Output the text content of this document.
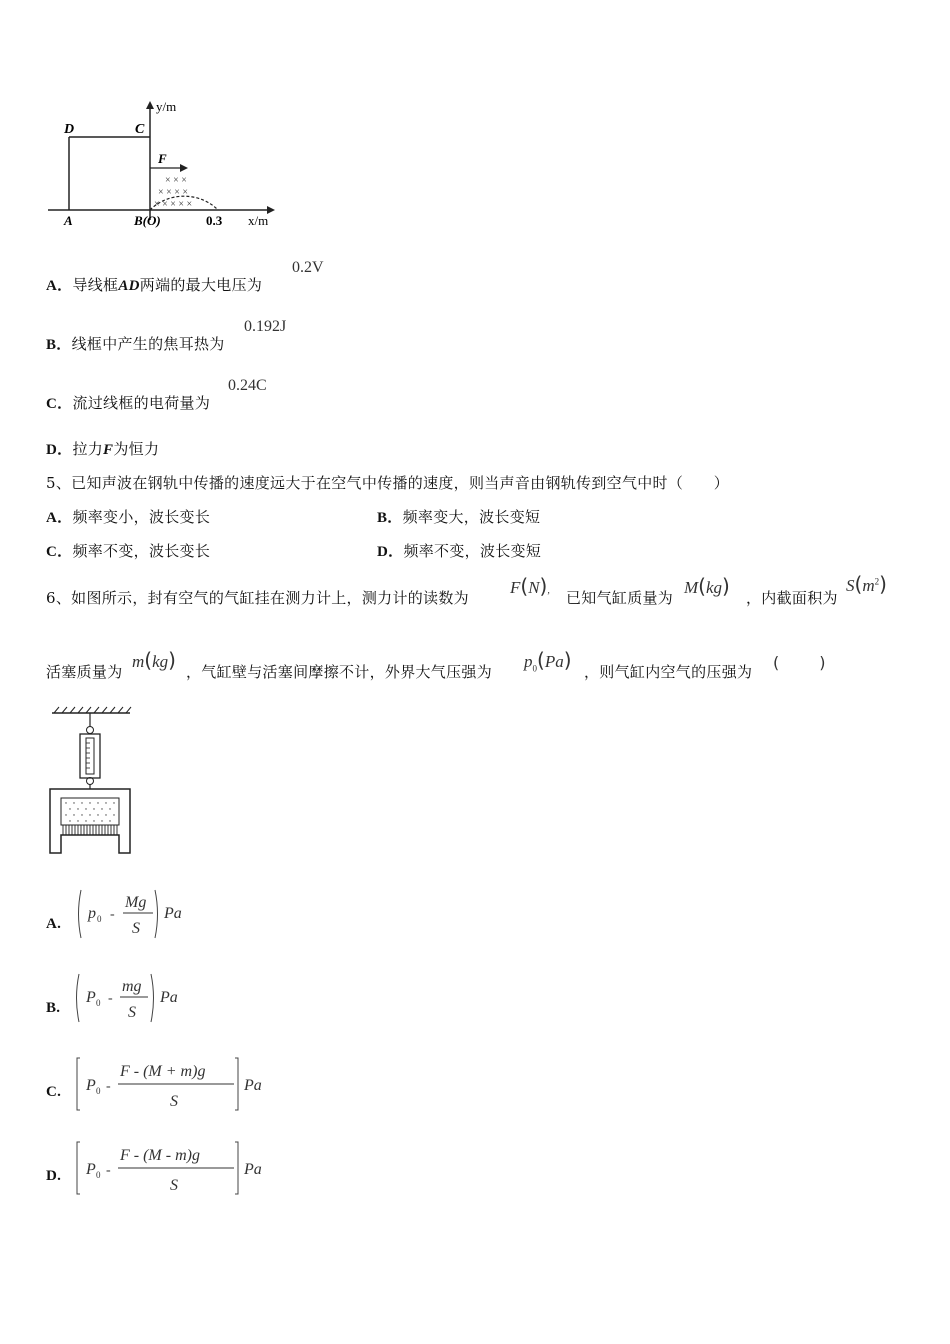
× × ×
× × × ×
× × × × ×
y/m
x/m
D	C
F
A	B(O)	0.3
A．导线框AD两端的最大电压为
0.2V
B．线框中产生的焦耳热为
0.192J
C．流过线框的电荷量为
0.24C
D．拉力F为恒力
5、已知声波在钢轨中传播的速度远大于在空气中传播的速度，则当声音由钢轨传到空气中时（　　）
A．频率变小，波长变长	B．频率变大，波长变短
C．频率不变，波长变长	D．频率不变，波长变短
6、如图所示，封有空气的气缸挂在测力计上，测力计的读数为
F(N), 已知气缸质量为
M(kg) ，内截面积为
$S(m^2)$
活塞质量为
m(kg) ，气缸壁与活塞间摩擦不计，外界大气压强为
$p_0(Pa)$ ，则气缸内空气的压强为 (	)
A.
p 0 -
Mg
S
Pa
B.
P 0 -
mg
S
Pa
C. P 0 -
F - (M + m)g
S
Pa
D. P 0 -
F - (M - m)g
S
Pa
